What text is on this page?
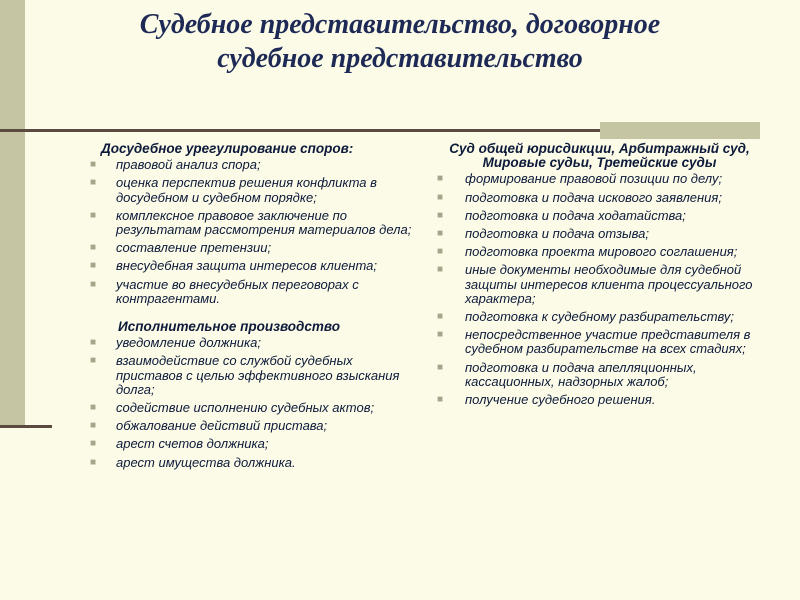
Судебное представительство, договорное
судебное представительство
Досудебное урегулирование споров:
■ правовой анализ спора;
■ оценка перспектив решения конфликта в досудебном и судебном порядке;
■ комплексное правовое заключение по результатам рассмотрения материалов дела;
■ составление претензии;
■ внесудебная защита интересов клиента;
■ участие во внесудебных переговорах с контрагентами.
Исполнительное производство
■ уведомление должника;
■ взаимодействие со службой судебных приставов с целью эффективного взыскания долга;
■ содействие исполнению судебных актов;
■ обжалование действий пристава;
■ арест счетов должника;
■ арест имущества должника.
Суд общей юрисдикции, Арбитражный суд, Мировые судьи, Третейские суды
■ формирование правовой позиции по делу;
■ подготовка и подача искового заявления;
■ подготовка и подача ходатайства;
■ подготовка и подача отзыва;
■ подготовка проекта мирового соглашения;
■ иные документы необходимые для судебной защиты интересов клиента процессуального характера;
■ подготовка к судебному разбирательству;
■ непосредственное участие представителя в судебном разбирательстве на всех стадиях;
■ подготовка и подача апелляционных, кассационных, надзорных жалоб;
■ получение судебного решения.
